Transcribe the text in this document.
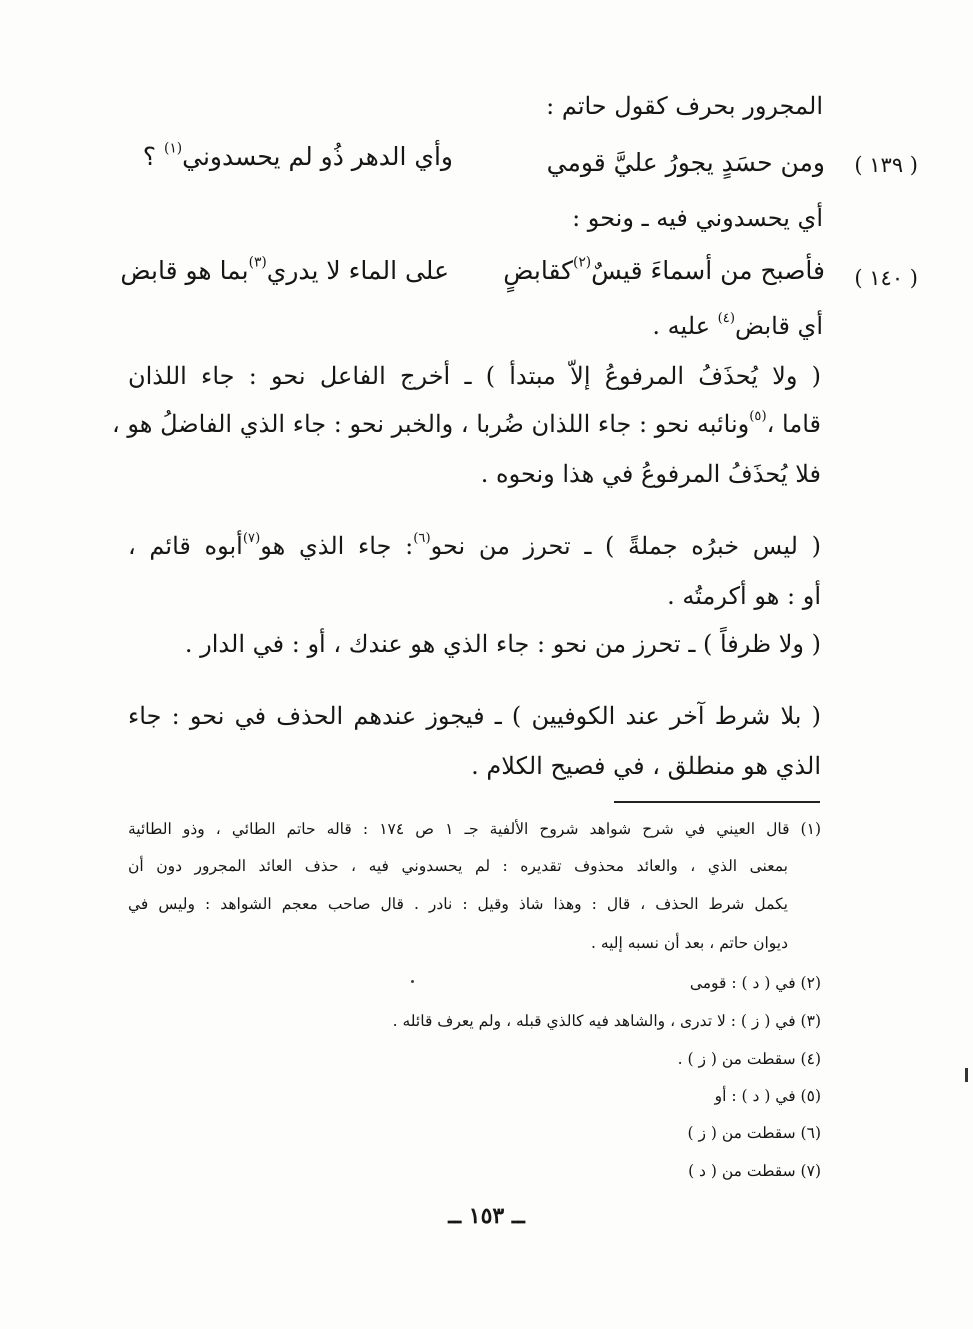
المجرور بحرف كقول حاتم :
( ١٣٩ )
ومن حسَدٍ يجورُ عليَّ قومي
وأي الدهر ذُو لم يحسدوني$^{(١)}$ ؟
أي يحسدوني فيه ـ ونحو :
( ١٤٠ )
فأصبح من أسماءَ قيسٌ$^{(٢)}$كقابضٍ
على الماء لا يدري$^{(٣)}$بما هو قابض
أي قابض$^{(٤)}$ عليه .
( ولا يُحذَفُ المرفوعُ إلاّ مبتدأ ) ـ أخرج الفاعل نحو : جاء اللذان
قاما ،$^{(٥)}$ونائبه نحو : جاء اللذان ضُربا ، والخبر نحو : جاء الذي الفاضلُ هو ،
فلا يُحذَفُ المرفوعُ في هذا ونحوه .
( ليس خبرُه جملةً ) ـ تحرز من نحو$^{(٦)}$: جاء الذي هو$^{(٧)}$أبوه قائم ،
أو : هو أكرمتُه .
( ولا ظرفاً ) ـ تحرز من نحو : جاء الذي هو عندك ، أو : في الدار .
( بلا شرط آخر عند الكوفيين ) ـ فيجوز عندهم الحذف في نحو : جاء
الذي هو منطلق ، في فصيح الكلام .
(١) قال العيني في شرح شواهد شروح الألفية جـ ١ ص ١٧٤ : قاله حاتم الطائي ، وذو الطائية
بمعنى الذي ، والعائد محذوف تقديره : لم يحسدوني فيه ، حذف العائد المجرور دون أن
يكمل شرط الحذف ، قال : وهذا شاذ وقيل : نادر . قال صاحب معجم الشواهد : وليس في
ديوان حاتم ، بعد أن نسبه إليه .
(٢) في ( د ) : قومى
(٣) في ( ز ) : لا تدرى ، والشاهد فيه كالذي قبله ، ولم يعرف قائله .
(٤) سقطت من ( ز ) .
(٥) في ( د ) : أو
(٦) سقطت من ( ز )
(٧) سقطت من ( د )
ــ ١٥٣ ــ
